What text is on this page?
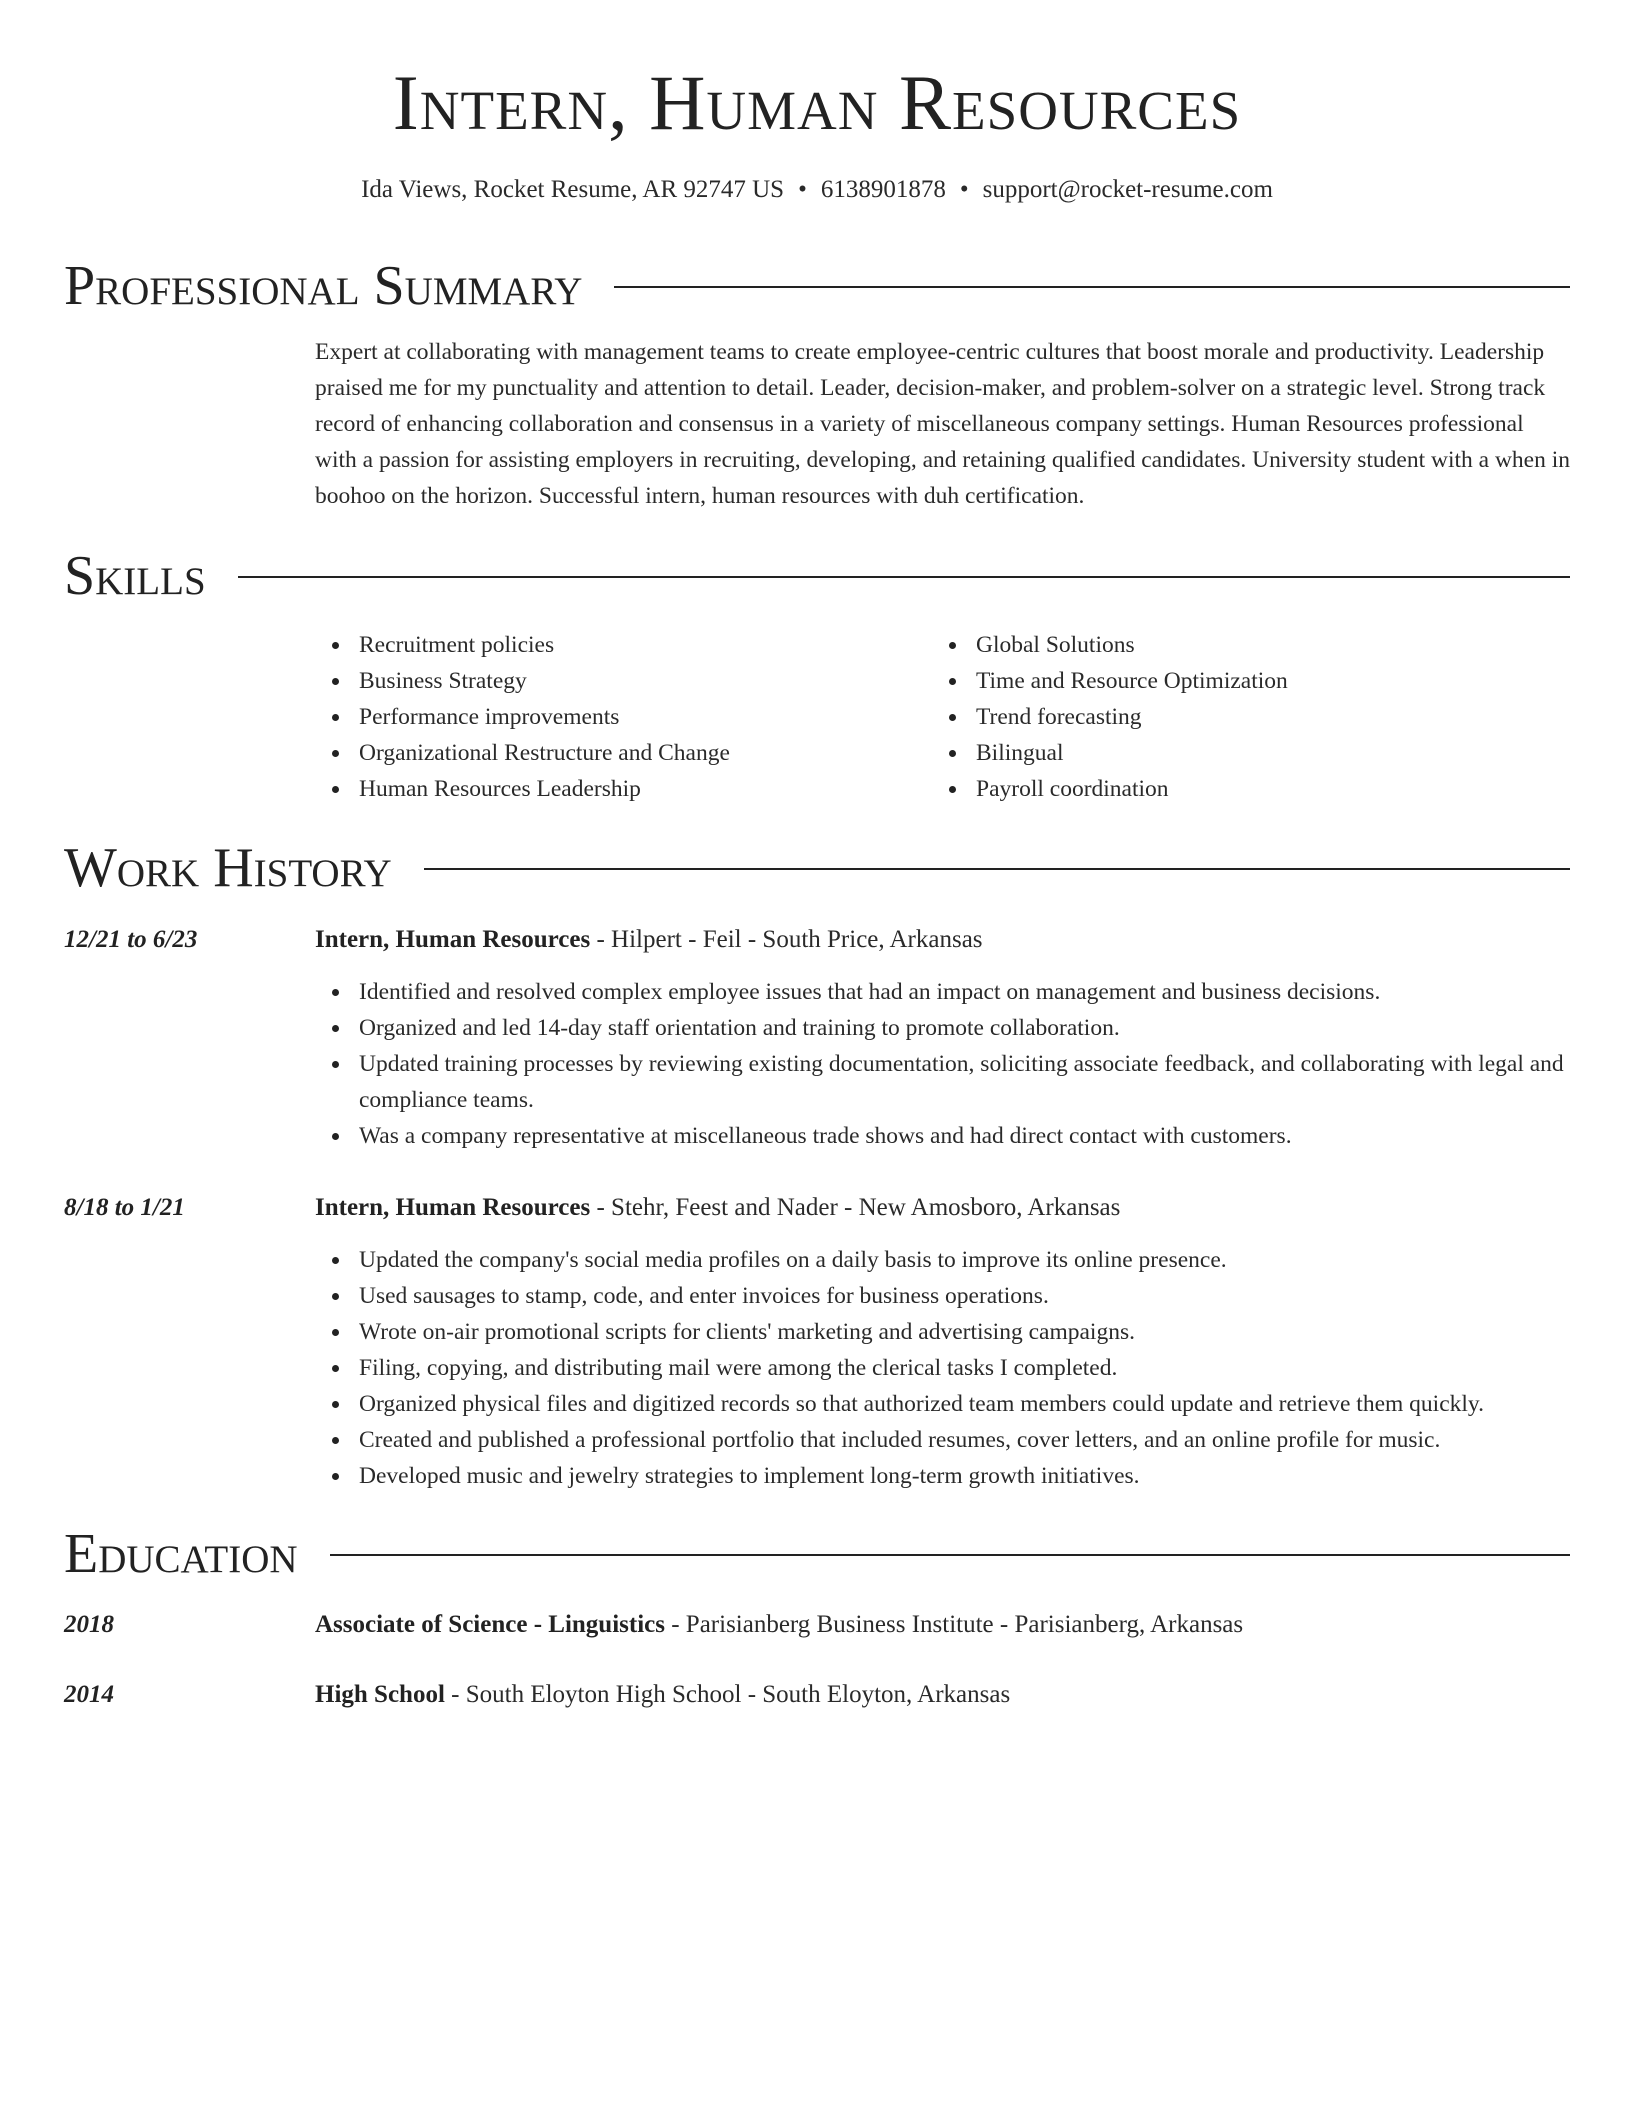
Intern, Human Resources
Ida Views, Rocket Resume, AR 92747 US • 6138901878 • support@rocket-resume.com
Professional Summary

Expert at collaborating with management teams to create employee-centric cultures that boost morale and productivity. Leadership praised me for my punctuality and attention to detail. Leader, decision-maker, and problem-solver on a strategic level. Strong track record of enhancing collaboration and consensus in a variety of miscellaneous company settings. Human Resources professional with a passion for assisting employers in recruiting, developing, and retaining qualified candidates. University student with a when in boohoo on the horizon. Successful intern, human resources with duh certification.

Skills
Recruitment policies
Business Strategy
Performance improvements
Organizational Restructure and Change
Human Resources Leadership
Global Solutions
Time and Resource Optimization
Trend forecasting
Bilingual
Payroll coordination
Work History
12/21 to 6/23	Intern, Human Resources - Hilpert - Feil - South Price, Arkansas
Identified and resolved complex employee issues that had an impact on management and business decisions.
Organized and led 14-day staff orientation and training to promote collaboration.
Updated training processes by reviewing existing documentation, soliciting associate feedback, and collaborating with legal and compliance teams.
Was a company representative at miscellaneous trade shows and had direct contact with customers.
8/18 to 1/21	Intern, Human Resources - Stehr, Feest and Nader - New Amosboro, Arkansas
Updated the company's social media profiles on a daily basis to improve its online presence.
Used sausages to stamp, code, and enter invoices for business operations.
Wrote on-air promotional scripts for clients' marketing and advertising campaigns.
Filing, copying, and distributing mail were among the clerical tasks I completed.
Organized physical files and digitized records so that authorized team members could update and retrieve them quickly.
Created and published a professional portfolio that included resumes, cover letters, and an online profile for music.
Developed music and jewelry strategies to implement long-term growth initiatives.
Education
2018	Associate of Science - Linguistics - Parisianberg Business Institute - Parisianberg, Arkansas
2014	High School - South Eloyton High School - South Eloyton, Arkansas
